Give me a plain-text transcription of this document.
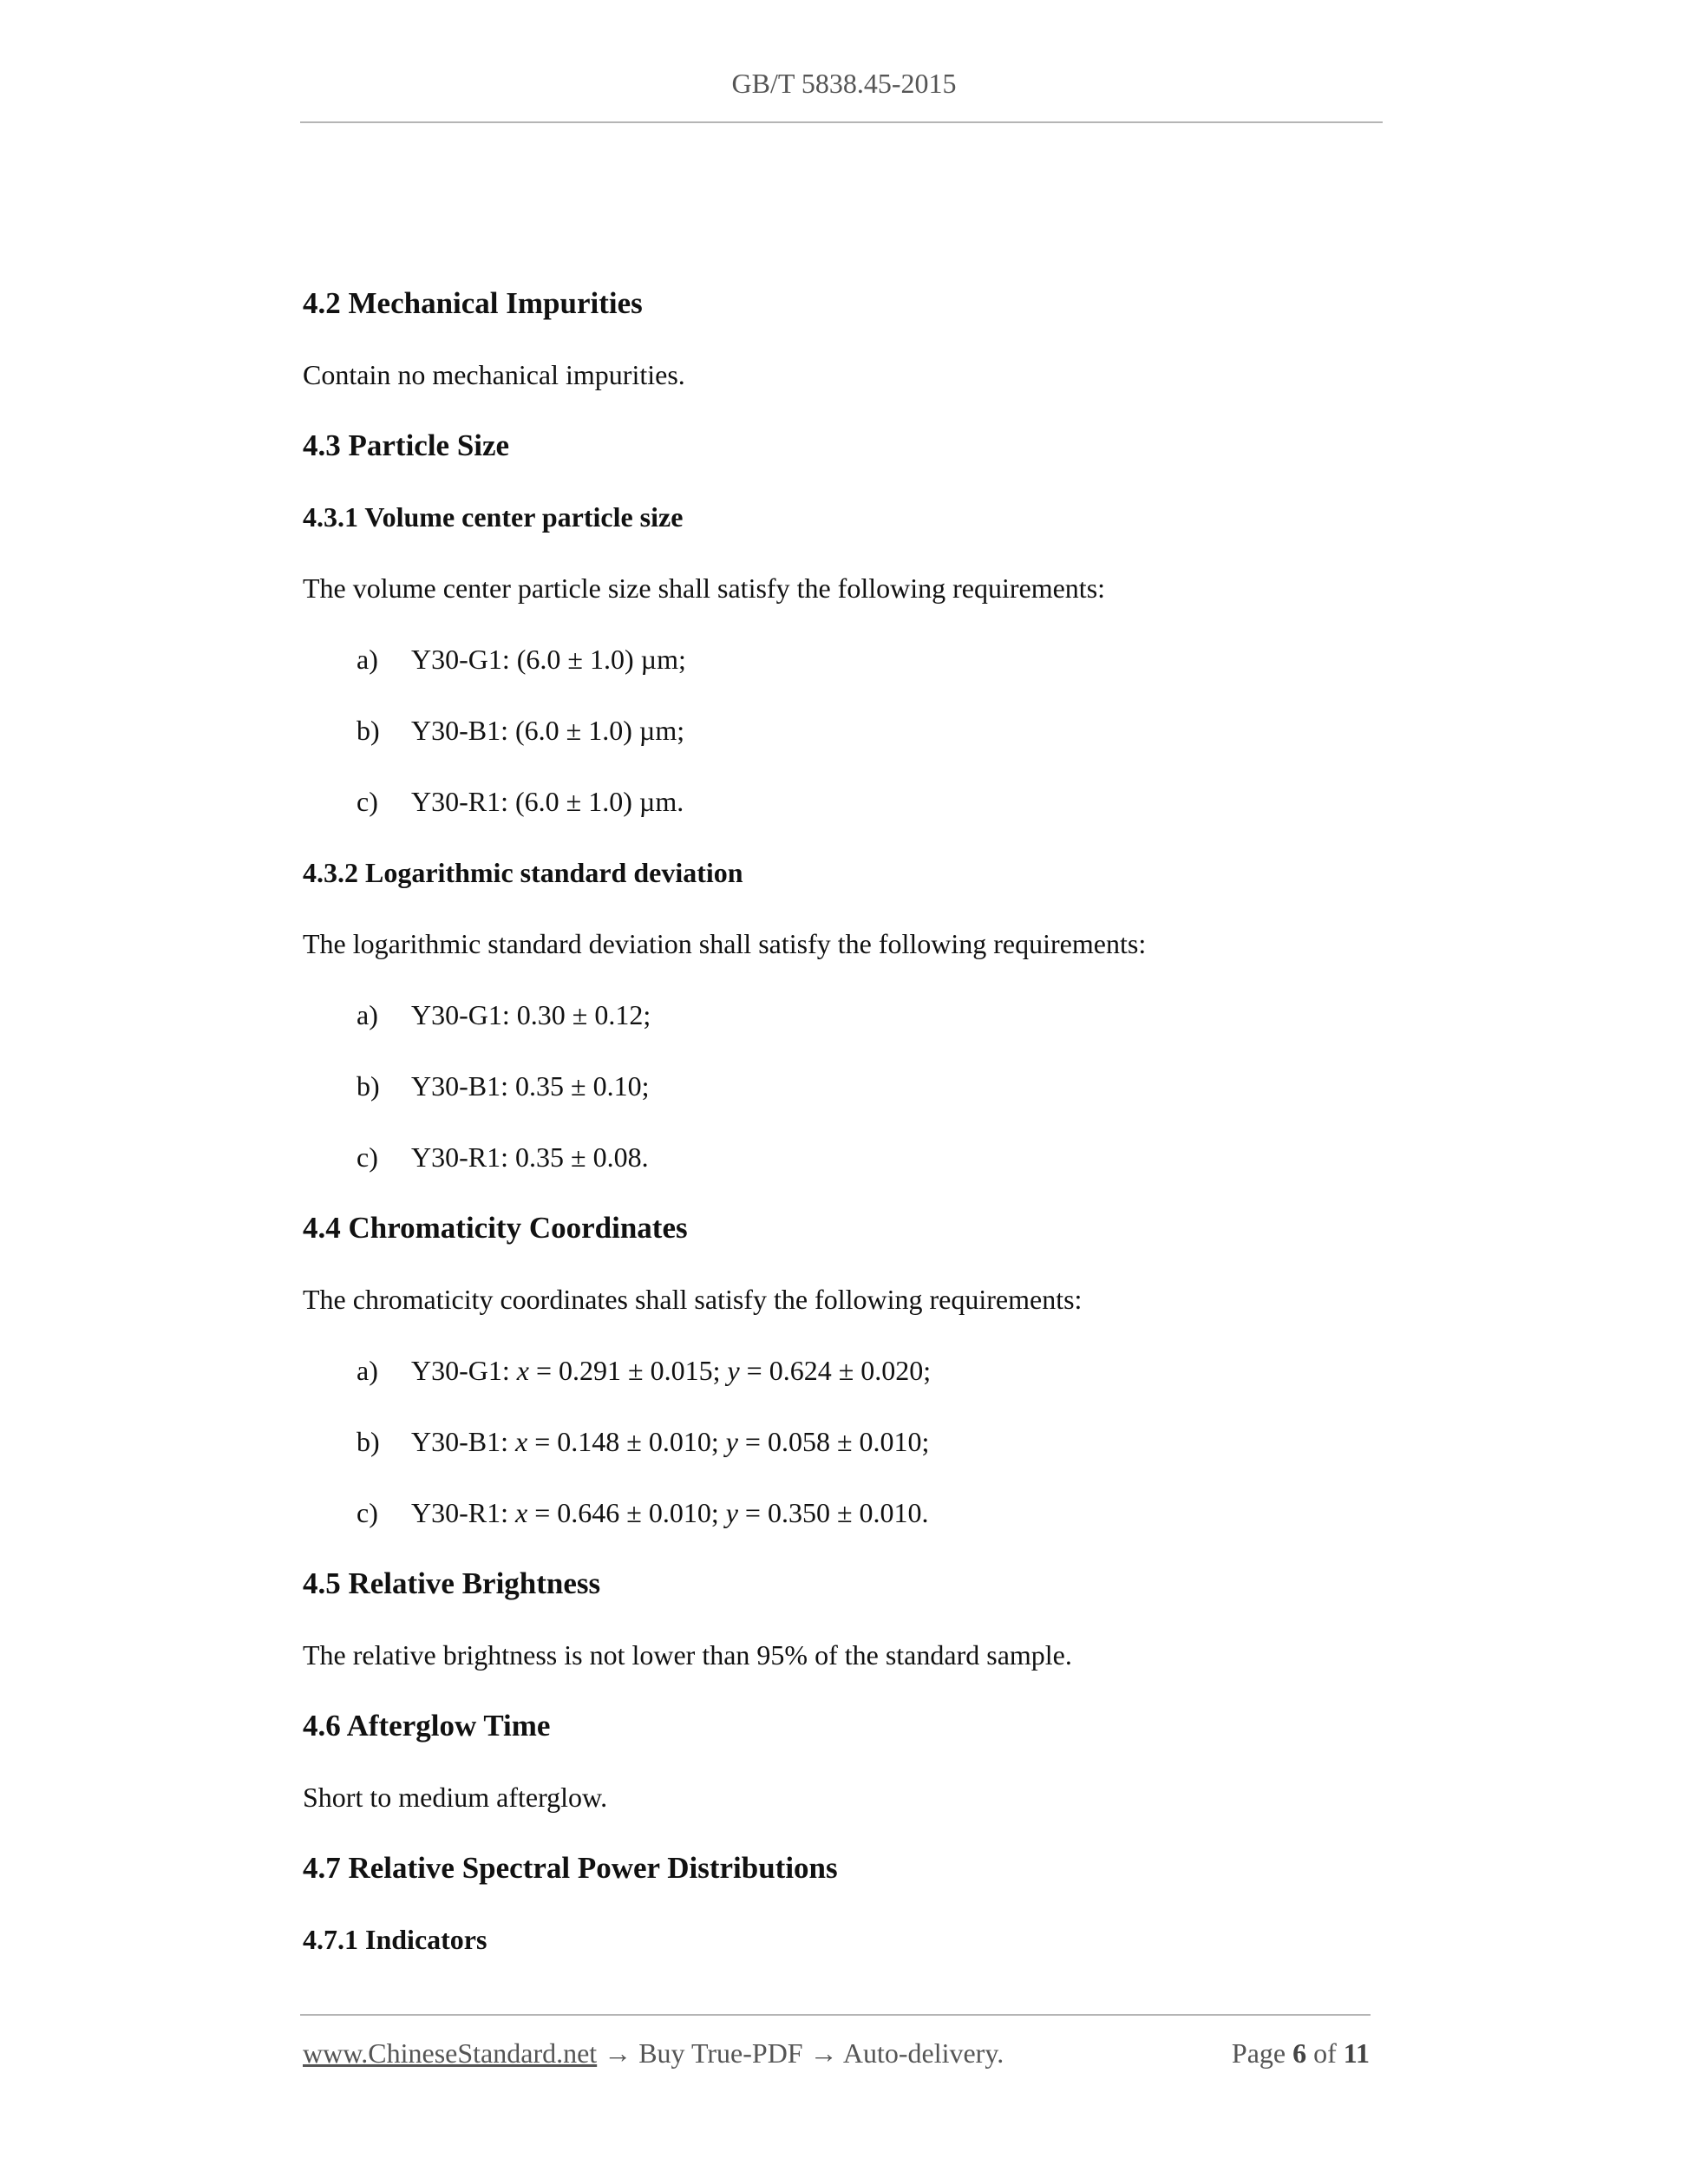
GB/T 5838.45-2015
4.2 Mechanical Impurities
Contain no mechanical impurities.
4.3 Particle Size
4.3.1 Volume center particle size
The volume center particle size shall satisfy the following requirements:
a)	Y30-G1: (6.0 ± 1.0) µm;
b)	Y30-B1: (6.0 ± 1.0) µm;
c)	Y30-R1: (6.0 ± 1.0) µm.
4.3.2 Logarithmic standard deviation
The logarithmic standard deviation shall satisfy the following requirements:
a)	Y30-G1: 0.30 ± 0.12;
b)	Y30-B1: 0.35 ± 0.10;
c)	Y30-R1: 0.35 ± 0.08.
4.4 Chromaticity Coordinates
The chromaticity coordinates shall satisfy the following requirements:
a)	Y30-G1: x = 0.291 ± 0.015; y = 0.624 ± 0.020;
b)	Y30-B1: x = 0.148 ± 0.010; y = 0.058 ± 0.010;
c)	Y30-R1: x = 0.646 ± 0.010; y = 0.350 ± 0.010.
4.5 Relative Brightness
The relative brightness is not lower than 95% of the standard sample.
4.6 Afterglow Time
Short to medium afterglow.
4.7 Relative Spectral Power Distributions
4.7.1 Indicators
www.ChineseStandard.net → Buy True-PDF → Auto-delivery.	Page 6 of 11
